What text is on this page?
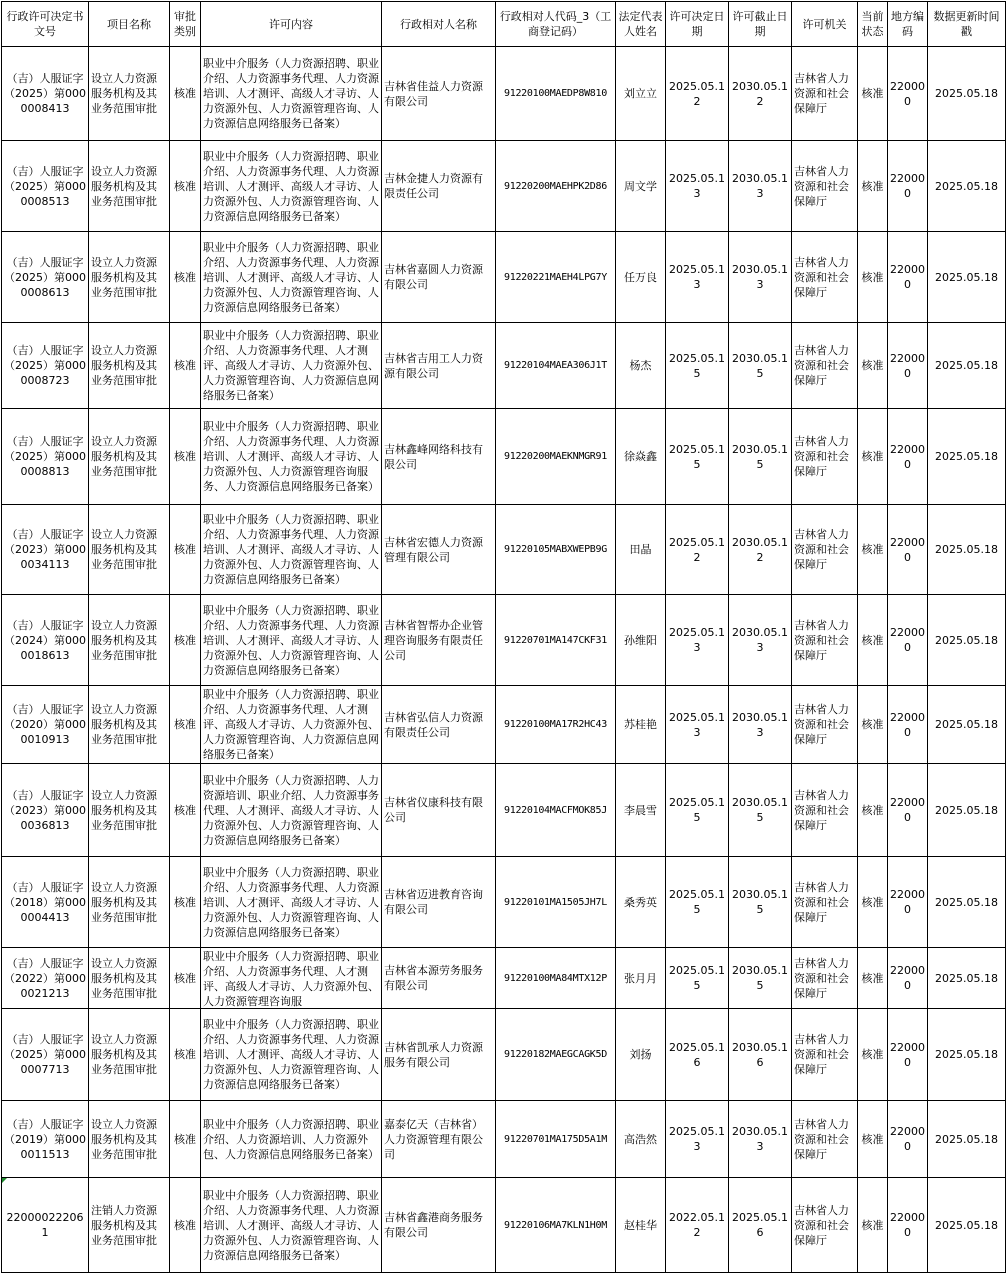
行政许可决定书文号	项目名称	审批类别	许可内容	行政相对人名称	行政相对人代码_3（工商登记码）	法定代表人姓名	许可决定日期	许可截止日期	许可机关	当前状态	地方编码	数据更新时间戳

（吉）人服证字（2025）第0000008413	设立人力资源服务机构及其业务范围审批	核准	职业中介服务（人力资源招聘、职业介绍、人力资源事务代理、人力资源培训、人才测评、高级人才寻访、人力资源外包、人力资源管理咨询、人力资源信息网络服务已备案）	吉林省佳益人力资源有限公司	91220100MAEDP8W810	刘立立	2025.05.12	2030.05.12	吉林省人力资源和社会保障厅	核准	220000	2025.05.18

（吉）人服证字（2025）第0000008513	设立人力资源服务机构及其业务范围审批	核准	职业中介服务（人力资源招聘、职业介绍、人力资源事务代理、人力资源培训、人才测评、高级人才寻访、人力资源外包、人力资源管理咨询、人力资源信息网络服务已备案）	吉林金捷人力资源有限责任公司	91220200MAEHPK2D86	周文学	2025.05.13	2030.05.13	吉林省人力资源和社会保障厅	核准	220000	2025.05.18

（吉）人服证字（2025）第0000008613	设立人力资源服务机构及其业务范围审批	核准	职业中介服务（人力资源招聘、职业介绍、人力资源事务代理、人力资源培训、人才测评、高级人才寻访、人力资源外包、人力资源管理咨询、人力资源信息网络服务已备案）	吉林省嘉圆人力资源有限公司	91220221MAEH4LPG7Y	任万良	2025.05.13	2030.05.13	吉林省人力资源和社会保障厅	核准	220000	2025.05.18

（吉）人服证字（2025）第0000008723	设立人力资源服务机构及其业务范围审批	核准	职业中介服务（人力资源招聘、职业介绍、人力资源事务代理、人才测评、高级人才寻访、人力资源外包、人力资源管理咨询、人力资源信息网络服务已备案）	吉林省吉用工人力资源有限公司	91220104MAEA306J1T	杨杰	2025.05.15	2030.05.15	吉林省人力资源和社会保障厅	核准	220000	2025.05.18

（吉）人服证字（2025）第0000008813	设立人力资源服务机构及其业务范围审批	核准	职业中介服务（人力资源招聘、职业介绍、人力资源事务代理、人力资源培训、人才测评、高级人才寻访、人力资源外包、人力资源管理咨询服务、人力资源信息网络服务已备案）	吉林鑫峰网络科技有限公司	91220200MAEKNMGR91	徐焱鑫	2025.05.15	2030.05.15	吉林省人力资源和社会保障厅	核准	220000	2025.05.18

（吉）人服证字（2023）第0000034113	设立人力资源服务机构及其业务范围审批	核准	职业中介服务（人力资源招聘、职业介绍、人力资源事务代理、人力资源培训、人才测评、高级人才寻访、人力资源外包、人力资源管理咨询、人力资源信息网络服务已备案）	吉林省宏德人力资源管理有限公司	91220105MABXWEPB9G	田晶	2025.05.12	2030.05.12	吉林省人力资源和社会保障厅	核准	220000	2025.05.18

（吉）人服证字（2024）第0000018613	设立人力资源服务机构及其业务范围审批	核准	职业中介服务（人力资源招聘、职业介绍、人力资源事务代理、人力资源培训、人才测评、高级人才寻访、人力资源外包、人力资源管理咨询、人力资源信息网络服务已备案）	吉林省智帮办企业管理咨询服务有限责任公司	91220701MA147CKF31	孙维阳	2025.05.13	2030.05.13	吉林省人力资源和社会保障厅	核准	220000	2025.05.18

（吉）人服证字（2020）第0000010913	设立人力资源服务机构及其业务范围审批	核准	职业中介服务（人力资源招聘、职业介绍、人力资源事务代理、人才测评、高级人才寻访、人力资源外包、人力资源管理咨询、人力资源信息网络服务已备案）	吉林省弘信人力资源有限责任公司	91220100MA17R2HC43	苏桂艳	2025.05.13	2030.05.13	吉林省人力资源和社会保障厅	核准	220000	2025.05.18

（吉）人服证字（2023）第0000036813	设立人力资源服务机构及其业务范围审批	核准	职业中介服务（人力资源招聘、人力资源培训、职业介绍、人力资源事务代理、人才测评、高级人才寻访、人力资源外包、人力资源管理咨询、人力资源信息网络服务已备案）	吉林省仪康科技有限公司	91220104MACFMOK85J	李晨雪	2025.05.15	2030.05.15	吉林省人力资源和社会保障厅	核准	220000	2025.05.18

（吉）人服证字（2018）第0000004413	设立人力资源服务机构及其业务范围审批	核准	职业中介服务（人力资源招聘、职业介绍、人力资源事务代理、人力资源培训、人才测评、高级人才寻访、人力资源外包、人力资源管理咨询、人力资源信息网络服务已备案）	吉林省迈进教育咨询有限公司	91220101MA1505JH7L	桑秀英	2025.05.15	2030.05.15	吉林省人力资源和社会保障厅	核准	220000	2025.05.18

（吉）人服证字（2022）第0000021213	设立人力资源服务机构及其业务范围审批	核准	职业中介服务（人力资源招聘、职业介绍、人力资源事务代理、人才测评、高级人才寻访、人力资源外包、人力资源管理咨询服	吉林省本源劳务服务有限公司	91220100MA84MTX12P	张月月	2025.05.15	2030.05.15	吉林省人力资源和社会保障厅	核准	220000	2025.05.18

（吉）人服证字（2025）第0000007713	设立人力资源服务机构及其业务范围审批	核准	职业中介服务（人力资源招聘、职业介绍、人力资源事务代理、人力资源培训、人才测评、高级人才寻访、人力资源外包、人力资源管理咨询、人力资源信息网络服务已备案）	吉林省凯承人力资源服务有限公司	91220182MAEGCAGK5D	刘扬	2025.05.16	2030.05.16	吉林省人力资源和社会保障厅	核准	220000	2025.05.18

（吉）人服证字（2019）第0000011513	设立人力资源服务机构及其业务范围审批	核准	职业中介服务（人力资源招聘、职业介绍、人力资源培训、人力资源外包、人力资源信息网络服务已备案）	嘉泰亿天（吉林省）人力资源管理有限公司	91220701MA175D5A1M	高浩然	2025.05.13	2030.05.13	吉林省人力资源和社会保障厅	核准	220000	2025.05.18

220000222061	注销人力资源服务机构及其业务范围审批	核准	职业中介服务（人力资源招聘、职业介绍、人力资源事务代理、人力资源培训、人才测评、高级人才寻访、人力资源外包、人力资源管理咨询、人力资源信息网络服务已备案）	吉林省鑫港商务服务有限公司	91220106MA7KLN1H0M	赵桂华	2022.05.12	2025.05.16	吉林省人力资源和社会保障厅	核准	220000	2025.05.18
